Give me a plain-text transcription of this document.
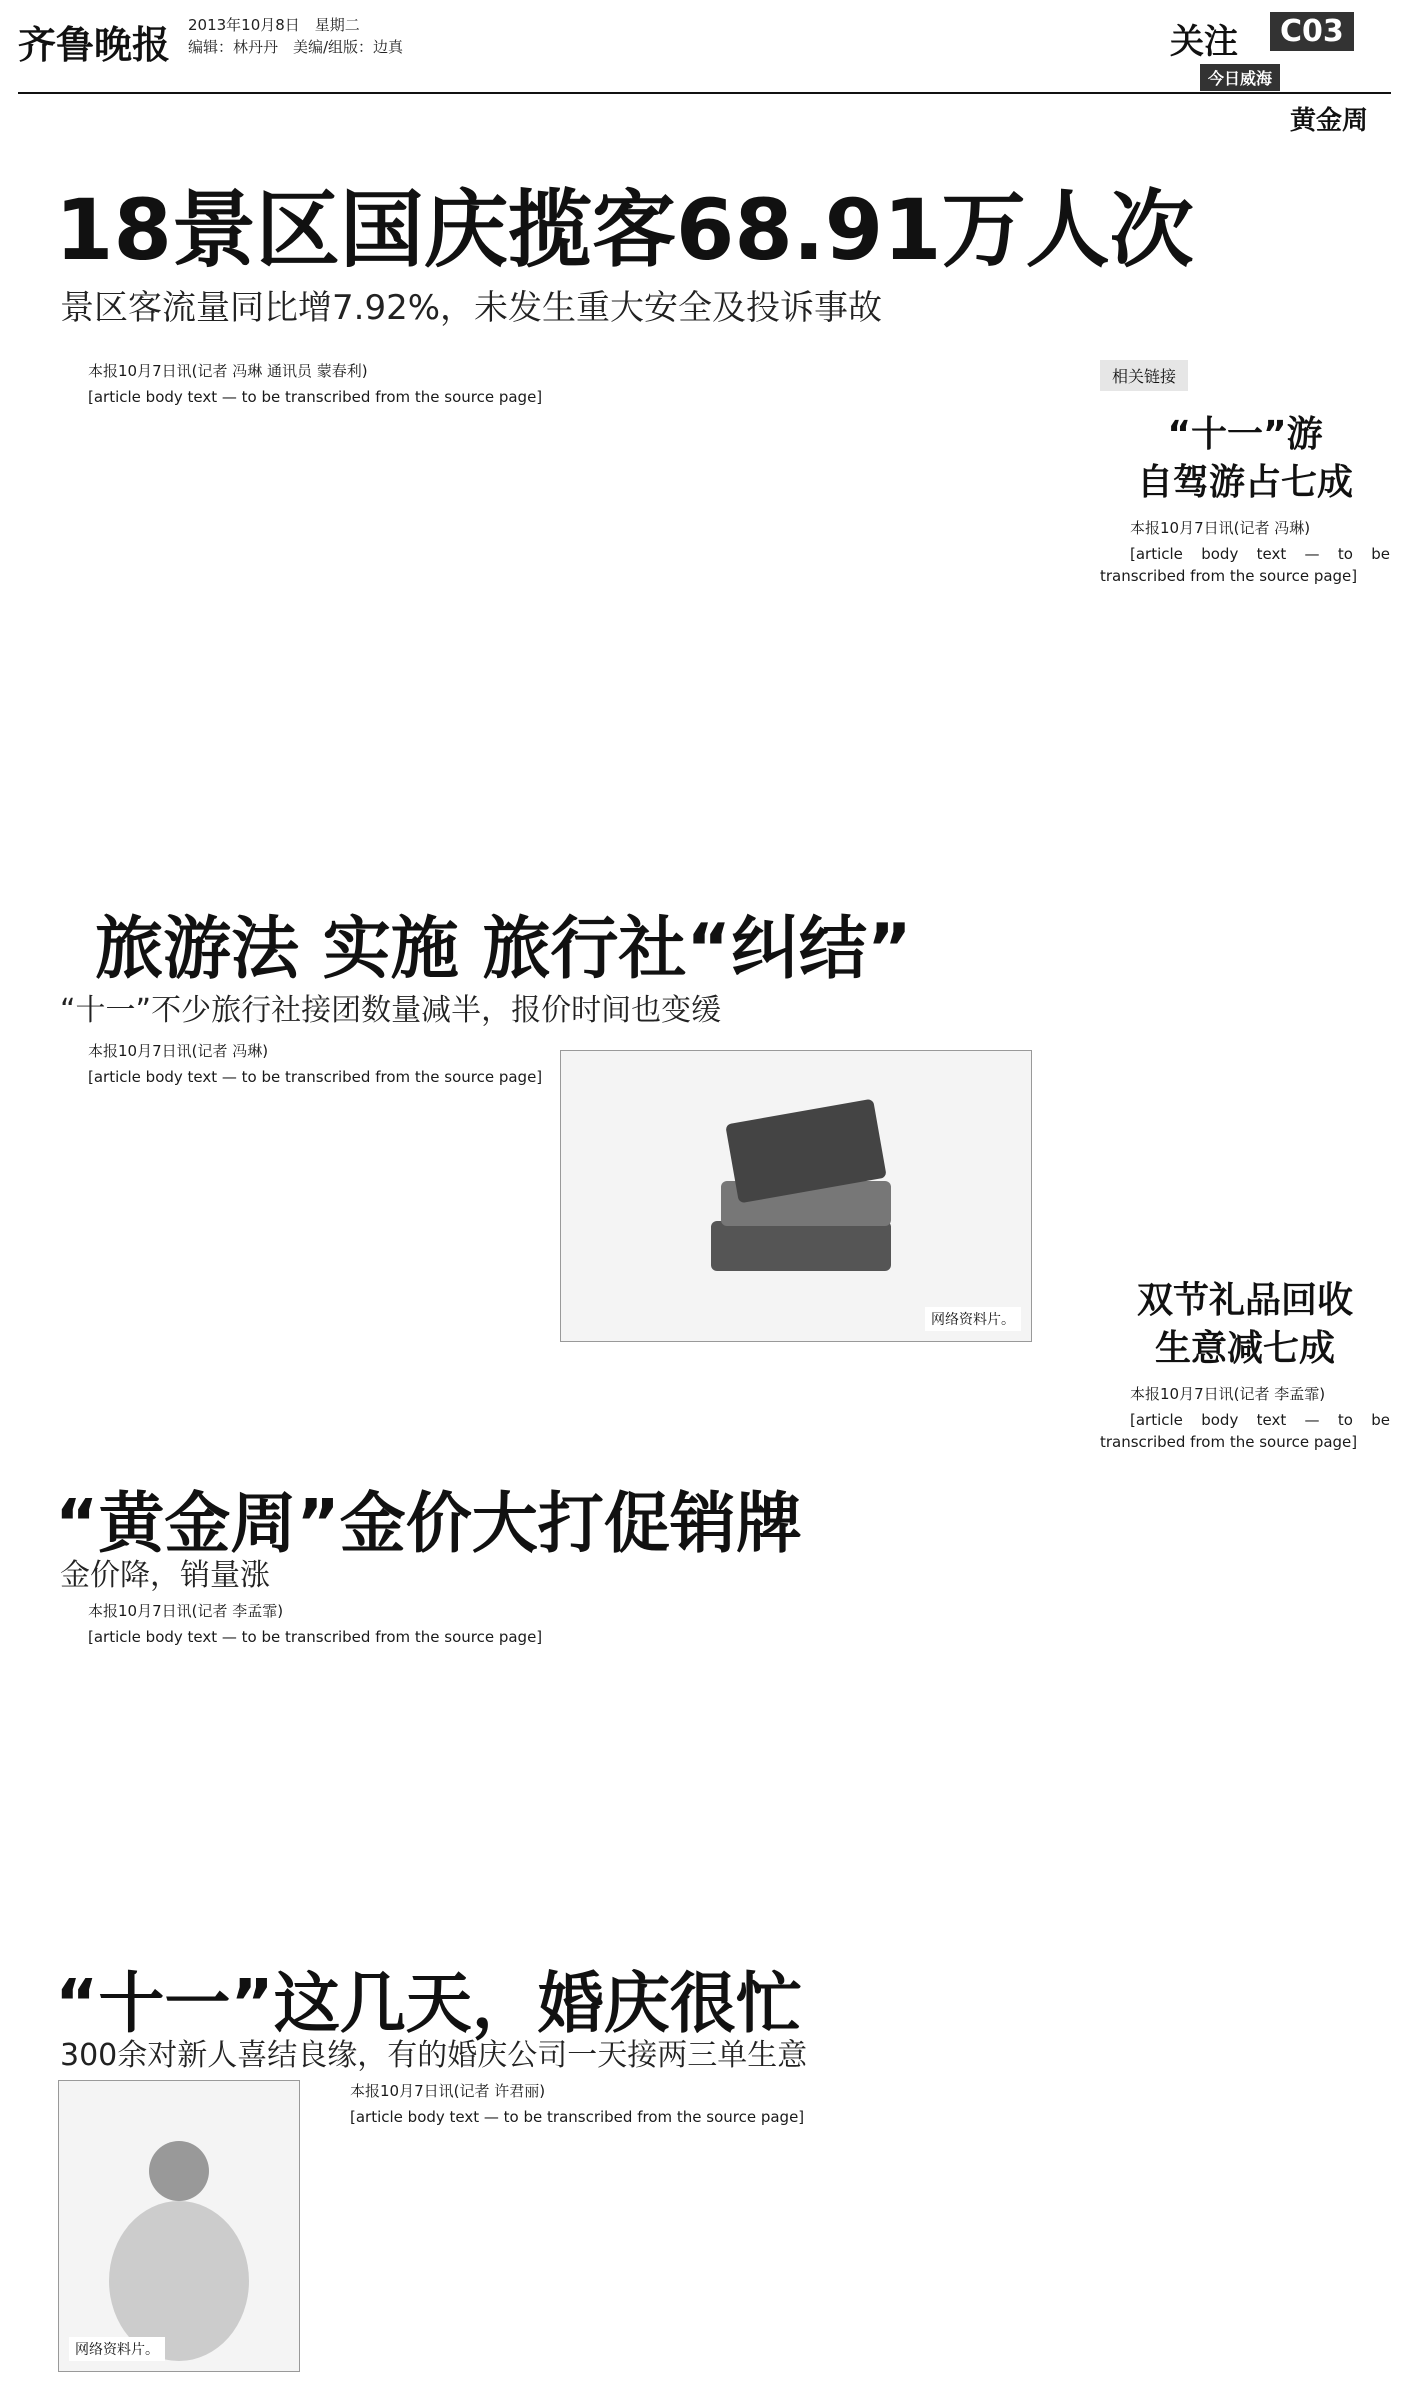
齐鲁晚报 2013年10月8日　星期二
编辑：林丹丹　美编/组版：边真	关注	C03
今日威海
黄金周
18景区国庆揽客68.91万人次
景区客流量同比增7.92%，未发生重大安全及投诉事故

本报10月7日讯(记者 冯琳 通讯员 蒙春利)

[article body text — to be transcribed from the source page]

旅游法 实施 旅行社“纠结”
“十一”不少旅行社接团数量减半，报价时间也变缓

本报10月7日讯(记者 冯琳)

[article body text — to be transcribed from the source page]

网络资料片。
“黄金周”金价大打促销牌
金价降，销量涨

本报10月7日讯(记者 李孟霏)

[article body text — to be transcribed from the source page]

“十一”这几天，婚庆很忙
300余对新人喜结良缘，有的婚庆公司一天接两三单生意
网络资料片。

本报10月7日讯(记者 许君丽)

[article body text — to be transcribed from the source page]

相关链接
“十一”游
自驾游占七成

本报10月7日讯(记者 冯琳)

[article body text — to be transcribed from the source page]

双节礼品回收
生意减七成

本报10月7日讯(记者 李孟霏)

[article body text — to be transcribed from the source page]
